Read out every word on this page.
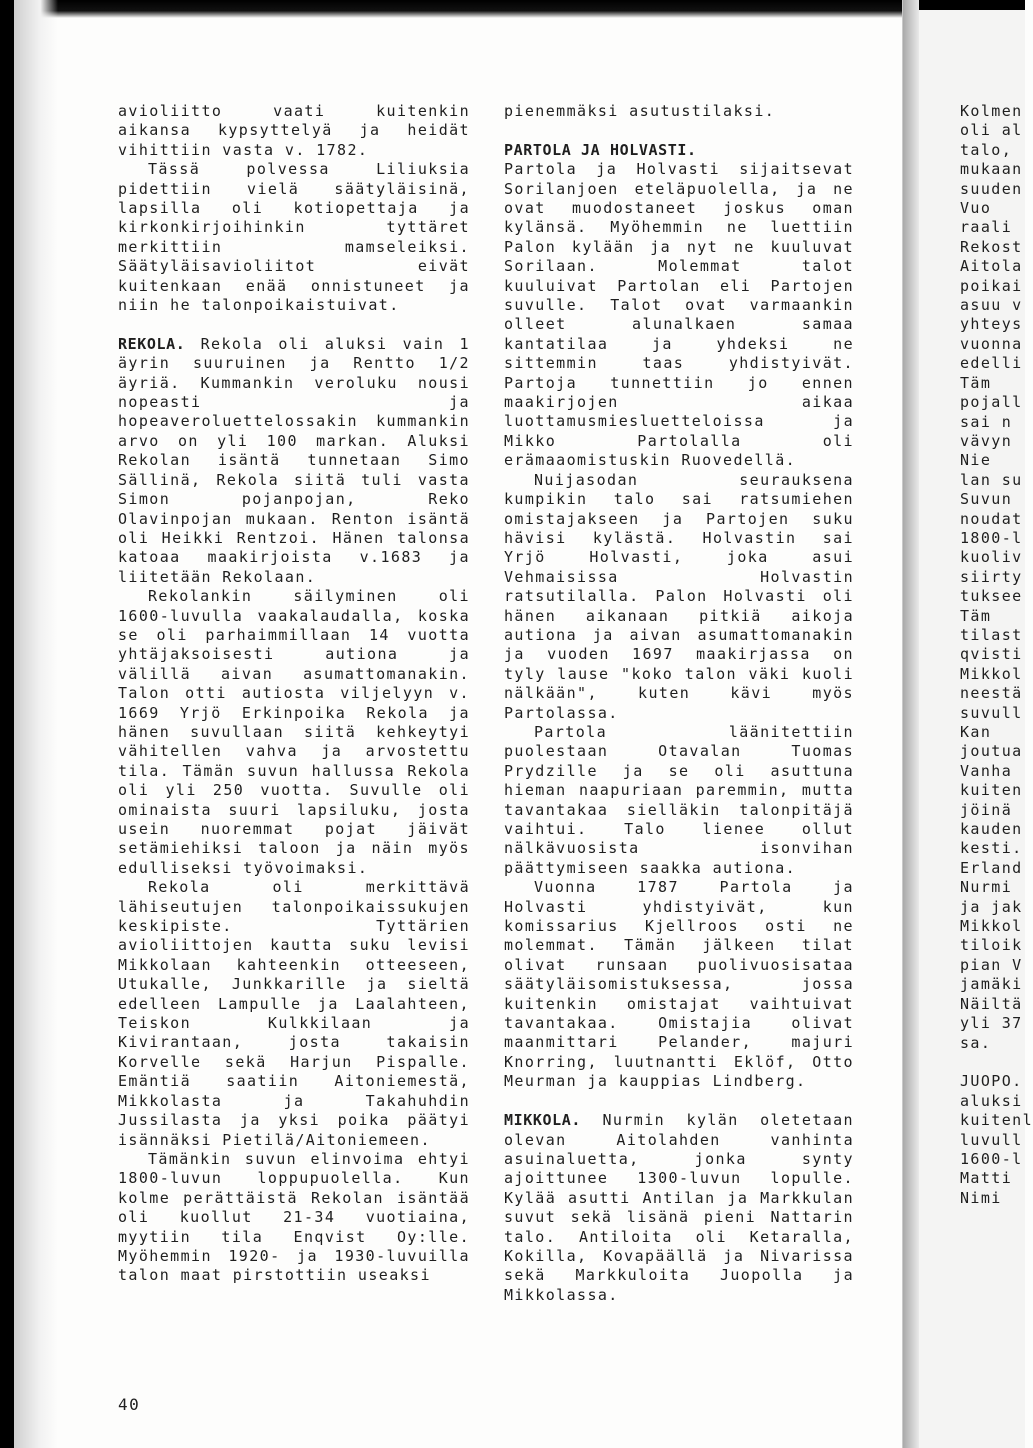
avioliitto vaati kuitenkin aikansa kypsyttelyä ja heidät vihittiin vasta v. 1782.

Tässä polvessa Liliuksia pidettiin vielä säätyläisinä, lapsilla oli kotiopettaja ja kirkonkirjoihinkin tyttäret merkittiin mamseleiksi. Säätyläisavioliitot eivät kuitenkaan enää onnistuneet ja niin he talonpoikaistuivat.

REKOLA. Rekola oli aluksi vain 1 äyrin suuruinen ja Rentto 1/2 äyriä. Kummankin veroluku nousi nopeasti ja hopeaveroluettelossakin kummankin arvo on yli 100 markan. Aluksi Rekolan isäntä tunnetaan Simo Sällinä, Rekola siitä tuli vasta Simon pojanpojan, Reko Olavinpojan mukaan. Renton isäntä oli Heikki Rentzoi. Hänen talonsa katoaa maakirjoista v.1683 ja liitetään Rekolaan.

Rekolankin säilyminen oli 1600-luvulla vaakalaudalla, koska se oli parhaimmillaan 14 vuotta yhtäjaksoisesti autiona ja välillä aivan asumattomanakin. Talon otti autiosta viljelyyn v. 1669 Yrjö Erkinpoika Rekola ja hänen suvullaan siitä kehkeytyi vähitellen vahva ja arvostettu tila. Tämän suvun hallussa Rekola oli yli 250 vuotta. Suvulle oli ominaista suuri lapsiluku, josta usein nuoremmat pojat jäivät setämiehiksi taloon ja näin myös edulliseksi työvoimaksi.

Rekola oli merkittävä lähiseutujen talonpoikaissukujen keskipiste. Tyttärien avioliittojen kautta suku levisi Mikkolaan kahteenkin otteeseen, Utukalle, Junkkarille ja sieltä edelleen Lampulle ja Laalahteen, Teiskon Kulkkilaan ja Kivirantaan, josta takaisin Korvelle sekä Harjun Pispalle. Emäntiä saatiin Aitoniemestä, Mikkolasta ja Takahuhdin Jussilasta ja yksi poika päätyi isännäksi Pietilä/Aitoniemeen.

Tämänkin suvun elinvoima ehtyi 1800-luvun loppupuolella. Kun kolme perättäistä Rekolan isäntää oli kuollut 21-34 vuotiaina, myytiin tila Enqvist Oy:lle. Myöhemmin 1920- ja 1930-luvuilla talon maat pirstottiin useaksi

pienemmäksi asutustilaksi.

PARTOLA JA HOLVASTI.

Partola ja Holvasti sijaitsevat Sorilanjoen eteläpuolella, ja ne ovat muodostaneet joskus oman kylänsä. Myöhemmin ne luettiin Palon kylään ja nyt ne kuuluvat Sorilaan. Molemmat talot kuuluivat Partolan eli Partojen suvulle. Talot ovat varmaankin olleet alunalkaen samaa kantatilaa ja yhdeksi ne sittemmin taas yhdistyivät. Partoja tunnettiin jo ennen maakirjojen aikaa luottamusmiesluetteloissa ja Mikko Partolalla oli erämaaomistuskin Ruovedellä.

Nuijasodan seurauksena kumpikin talo sai ratsumiehen omistajakseen ja Partojen suku hävisi kylästä. Holvastin sai Yrjö Holvasti, joka asui Vehmaisissa Holvastin ratsutilalla. Palon Holvasti oli hänen aikanaan pitkiä aikoja autiona ja aivan asumattomanakin ja vuoden 1697 maakirjassa on tyly lause "koko talon väki kuoli nälkään", kuten kävi myös Partolassa.

Partola läänitettiin puolestaan Otavalan Tuomas Prydzille ja se oli asuttuna hieman naapuriaan paremmin, mutta tavantakaa sielläkin talonpitäjä vaihtui. Talo lienee ollut nälkävuosista isonvihan päättymiseen saakka autiona.

Vuonna 1787 Partola ja Holvasti yhdistyivät, kun komissarius Kjellroos osti ne molemmat. Tämän jälkeen tilat olivat runsaan puolivuosisataa säätyläisomistuksessa, jossa kuitenkin omistajat vaihtuivat tavantakaa. Omistajia olivat maanmittari Pelander, majuri Knorring, luutnantti Eklöf, Otto Meurman ja kauppias Lindberg.

MIKKOLA. Nurmin kylän oletetaan olevan Aitolahden vanhinta asuinaluetta, jonka synty ajoittunee 1300-luvun lopulle. Kylää asutti Antilan ja Markkulan suvut sekä lisänä pieni Nattarin talo. Antiloita oli Ketaralla, Kokilla, Kovapäällä ja Nivarissa sekä Markkuloita Juopolla ja Mikkolassa.

Kolmen

oli al

talo,

mukaan

suuden

Vuo

raali

Rekost

Aitola

poikai

asuu v

yhteys

vuonna

edelli

Täm

pojall

sai n

vävyn

Nie

lan su

Suvun

noudat

1800-l

kuoliv

siirty

tuksee

Täm

tilast

qvisti

Mikkol

neestä

suvull

Kan

joutua

Vanha

kuiten

jöinä

kauden

kesti.

Erland

Nurmi

ja jak

Mikkol

tiloik

pian V

jamäki

Näiltä

yli 37

sa.

JUOPO.

aluksi

kuitenl

luvull

1600-l

Matti

Nimi

40
